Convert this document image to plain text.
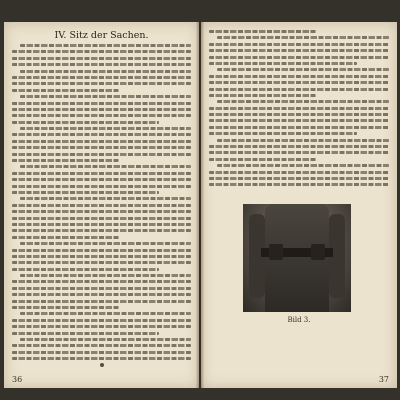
IV. Sitz der Sachen.
36
Bild 3.
37
